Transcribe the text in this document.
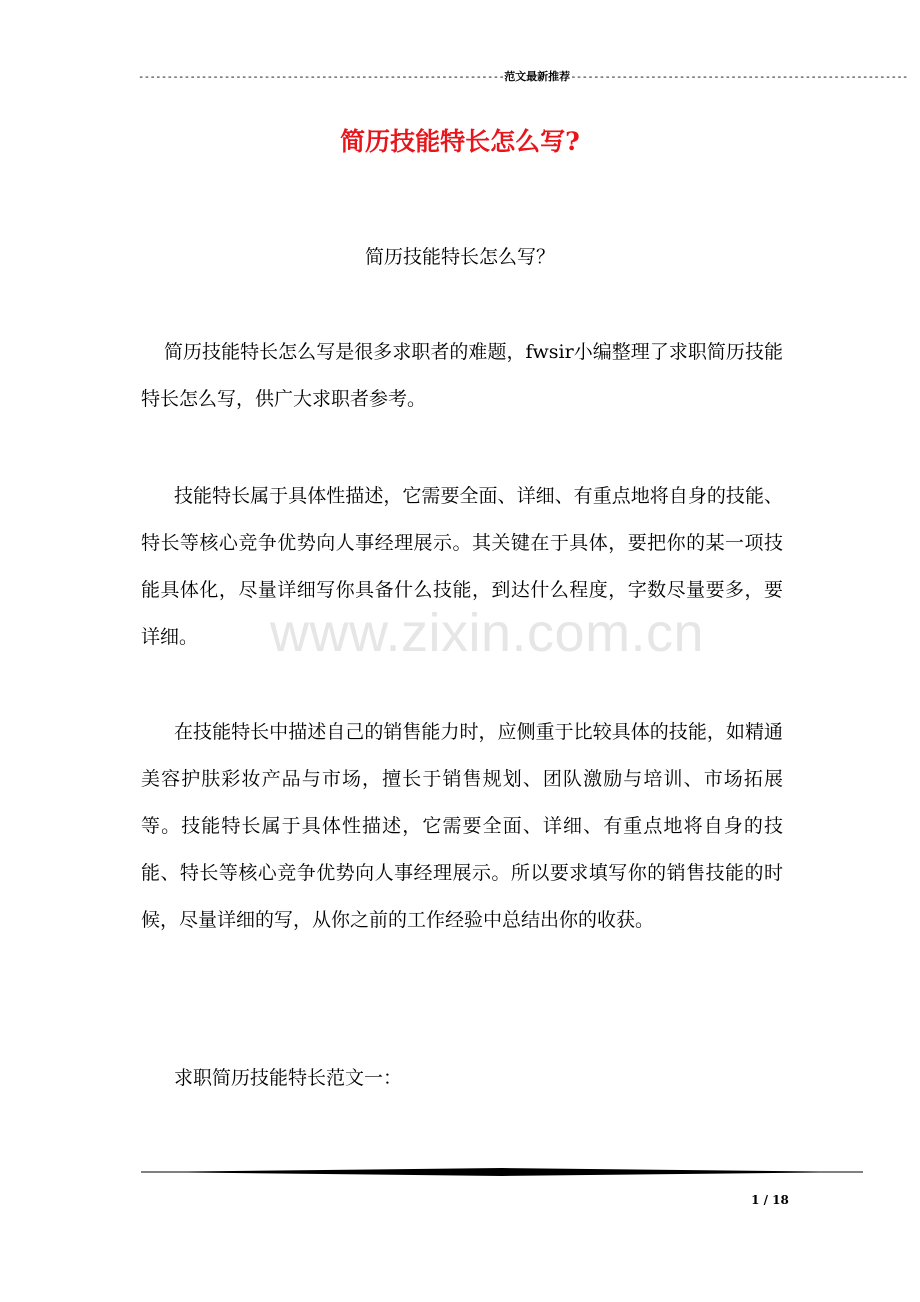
----------------------------------------------------------------范文最新推荐-----------------------------------------------------------
简历技能特长怎么写?
www.zixin.com.cn
简历技能特长怎么写？

简历技能特长怎么写是很多求职者的难题，fwsir小编整理了求职简历技能特长怎么写，供广大求职者参考。

技能特长属于具体性描述，它需要全面、详细、有重点地将自身的技能、特长等核心竞争优势向人事经理展示。其关键在于具体，要把你的某一项技能具体化，尽量详细写你具备什么技能，到达什么程度，字数尽量要多，要详细。

在技能特长中描述自己的销售能力时，应侧重于比较具体的技能，如精通美容护肤彩妆产品与市场，擅长于销售规划、团队激励与培训、市场拓展等。技能特长属于具体性描述，它需要全面、详细、有重点地将自身的技能、特长等核心竞争优势向人事经理展示。所以要求填写你的销售技能的时候，尽量详细的写，从你之前的工作经验中总结出你的收获。

求职简历技能特长范文一：

1 / 18
